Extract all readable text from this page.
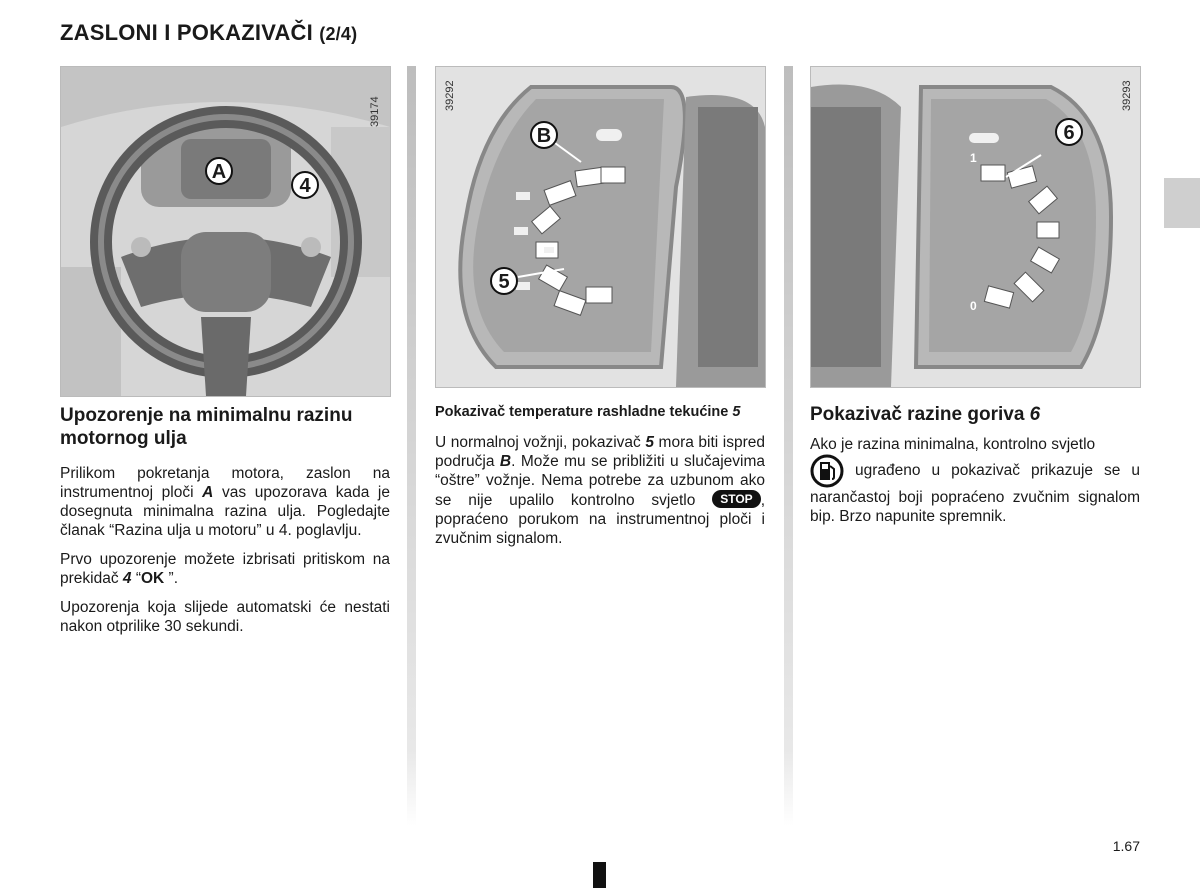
ZASLONI I POKAZIVAČI (2/4)
39174
A
4
39292
B
5
39293
1
0
6
Upozorenje na minimalnu razinu motornog ulja

Prilikom pokretanja motora, zaslon na instrumentnoj ploči A vas upozorava kada je dosegnuta minimalna razina ulja. Pogledajte članak “Razina ulja u motoru” u 4. poglavlju.

Prvo upozorenje možete izbrisati pritiskom na prekidač 4 “OK ”.

Upozorenja koja slijede automatski će nestati nakon otprilike 30 sekundi.

Pokazivač temperature rashladne tekućine 5

U normalnoj vožnji, pokazivač 5 mora biti ispred područja B. Može mu se približiti u slučajevima “oštre” vožnje. Nema potrebe za uzbunom ako se nije upalilo kontrolno svjetlo STOP , popraćeno porukom na instrumentnoj ploči i zvučnim signalom.

Pokazivač razine goriva 6

Ako je razina minimalna, kontrolno svjetlo
ugrađeno u pokazivač prikazuje se u narančastoj boji popraćeno zvučnim signalom bip. Brzo napunite spremnik.

1.67
